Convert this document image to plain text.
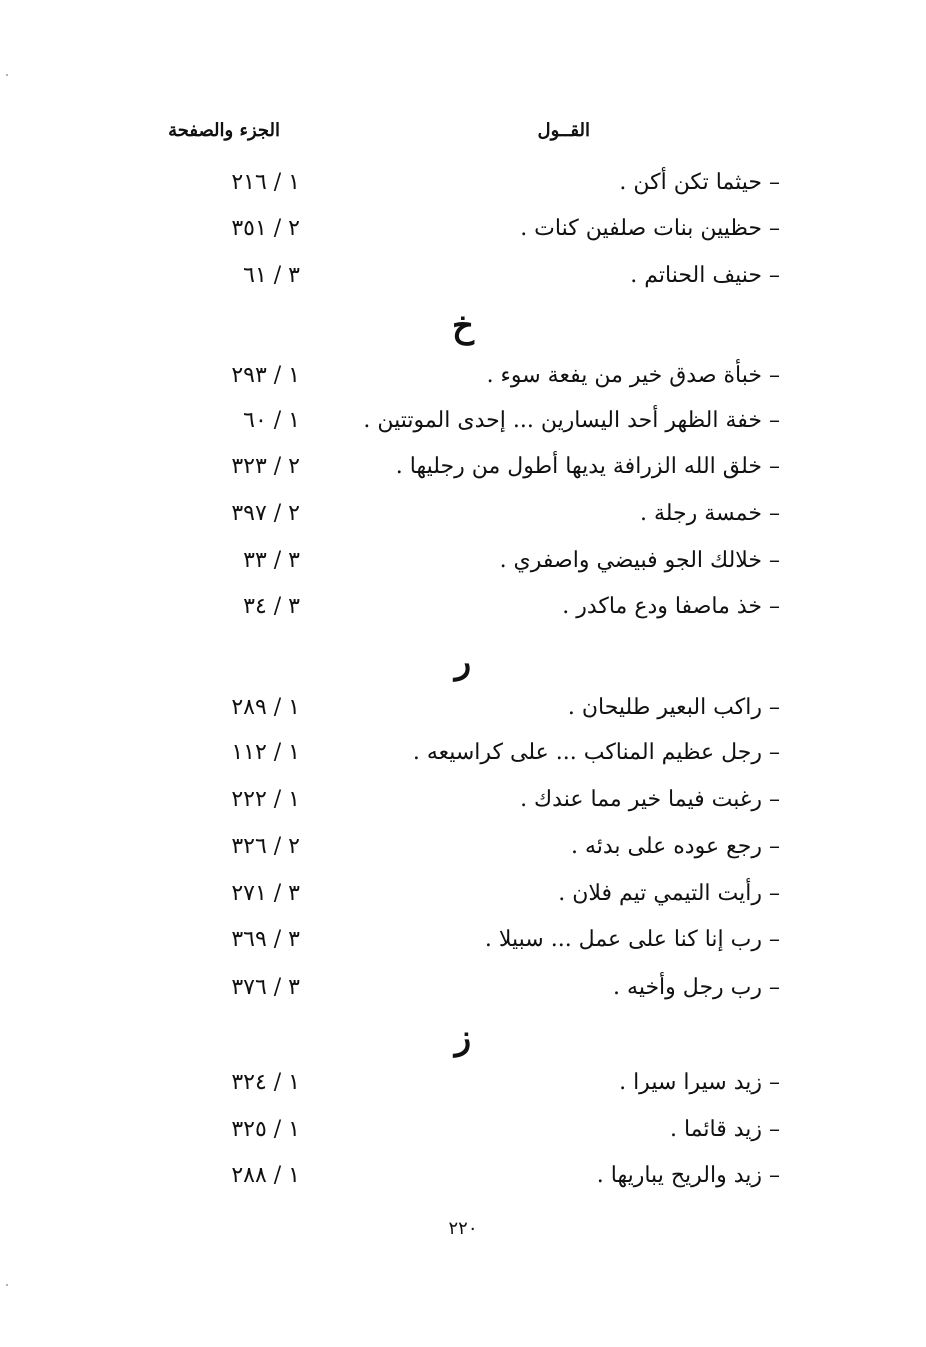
القــول
الجزء والصفحة
– حيثما تكن أكن .
١ / ٢١٦
– حظيين بنات صلفين كنات .
٢ / ٣٥١
– حنيف الحناتم .
٣ / ٦١
خ
– خبأة صدق خير من يفعة سوء .
١ / ٢٩٣
– خفة الظهر أحد اليسارين ... إحدى الموتتين .
١ / ٦٠
– خلق الله الزرافة يديها أطول من رجليها .
٢ / ٣٢٣
– خمسة رجلة .
٢ / ٣٩٧
– خلالك الجو فبيضي واصفري .
٣ / ٣٣
– خذ ماصفا ودع ماكدر .
٣ / ٣٤
ر
– راكب البعير طليحان .
١ / ٢٨٩
– رجل عظيم المناكب ... على كراسيعه .
١ / ١١٢
– رغبت فيما خير مما عندك .
١ / ٢٢٢
– رجع عوده على بدئه .
٢ / ٣٢٦
– رأيت التيمي تيم فلان .
٣ / ٢٧١
– رب إنا كنا على عمل ... سبيلا .
٣ / ٣٦٩
– رب رجل وأخيه .
٣ / ٣٧٦
ز
– زيد سيرا سيرا .
١ / ٣٢٤
– زيد قائما .
١ / ٣٢٥
– زيد والريح يباريها .
١ / ٢٨٨
٢٢٠
